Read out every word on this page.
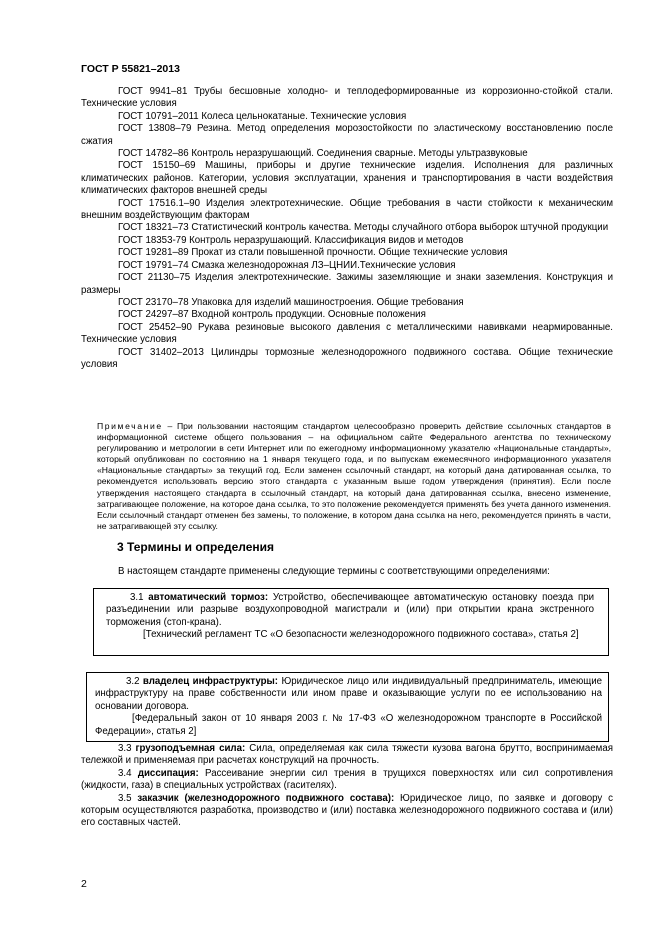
ГОСТ Р 55821–2013

ГОСТ 9941–81 Трубы бесшовные холодно- и теплодеформированные из коррозионно-стойкой стали. Технические условия

ГОСТ 10791–2011 Колеса цельнокатаные. Технические условия

ГОСТ 13808–79 Резина. Метод определения морозостойкости по эластическому восстановлению после сжатия

ГОСТ 14782–86 Контроль неразрушающий. Соединения сварные. Методы ультразвуковые

ГОСТ 15150–69 Машины, приборы и другие технические изделия. Исполнения для различных климатических районов. Категории, условия эксплуатации, хранения и транспортирования в части воздействия климатических факторов внешней среды

ГОСТ 17516.1–90 Изделия электротехнические. Общие требования в части стойкости к механическим внешним воздействующим факторам

ГОСТ 18321–73 Статистический контроль качества. Методы случайного отбора выборок штучной продукции

ГОСТ 18353-79 Контроль неразрушающий. Классификация видов и методов

ГОСТ 19281–89 Прокат из стали повышенной прочности. Общие технические условия

ГОСТ 19791–74 Смазка железнодорожная ЛЗ–ЦНИИ.Технические условия

ГОСТ 21130–75 Изделия электротехнические. Зажимы заземляющие и знаки заземления. Конструкция и размеры

ГОСТ 23170–78 Упаковка для изделий машиностроения. Общие требования

ГОСТ 24297–87 Входной контроль продукции. Основные положения

ГОСТ 25452–90 Рукава резиновые высокого давления с металлическими навивками неармированные. Технические условия

ГОСТ 31402–2013 Цилиндры тормозные железнодорожного подвижного состава. Общие технические условия

Примечание – При пользовании настоящим стандартом целесообразно проверить действие ссылочных стандартов в информационной системе общего пользования – на официальном сайте Федерального агентства по техническому регулированию и метрологии в сети Интернет или по ежегодному информационному указателю «Национальные стандарты», который опубликован по состоянию на 1 января текущего года, и по выпускам ежемесячного информационного указателя «Национальные стандарты» за текущий год. Если заменен ссылочный стандарт, на который дана датированная ссылка, то рекомендуется использовать версию этого стандарта с указанным выше годом утверждения (принятия). Если после утверждения настоящего стандарта в ссылочный стандарт, на который дана датированная ссылка, внесено изменение, затрагивающее положение, на которое дана ссылка, то это положение рекомендуется применять без учета данного изменения. Если ссылочный стандарт отменен без замены, то положение, в котором дана ссылка на него, рекомендуется принять в части, не затрагивающей эту ссылку.
3 Термины и определения

В настоящем стандарте применены следующие термины с соответствующими определениями:

3.1 автоматический тормоз: Устройство, обеспечивающее автоматическую остановку поезда при разъединении или разрыве воздухопроводной магистрали и (или) при открытии крана экстренного торможения (стоп-крана).
[Технический регламент ТС «О безопасности железнодорожного подвижного состава», статья 2]
3.2 владелец инфраструктуры: Юридическое лицо или индивидуальный предприниматель, имеющие инфраструктуру на праве собственности или ином праве и оказывающие услуги по ее использованию на основании договора.
[Федеральный закон от 10 января 2003 г. № 17-ФЗ «О железнодорожном транспорте в Российской Федерации», статья 2]

3.3 грузоподъемная сила: Сила, определяемая как сила тяжести кузова вагона брутто, воспринимаемая тележкой и применяемая при расчетах конструкций на прочность.

3.4 диссипация: Рассеивание энергии сил трения в трущихся поверхностях или сил сопротивления (жидкости, газа) в специальных устройствах (гасителях).

3.5 заказчик (железнодорожного подвижного состава): Юридическое лицо, по заявке и договору с которым осуществляются разработка, производство и (или) поставка железнодорожного подвижного состава и (или) его составных частей.

2
